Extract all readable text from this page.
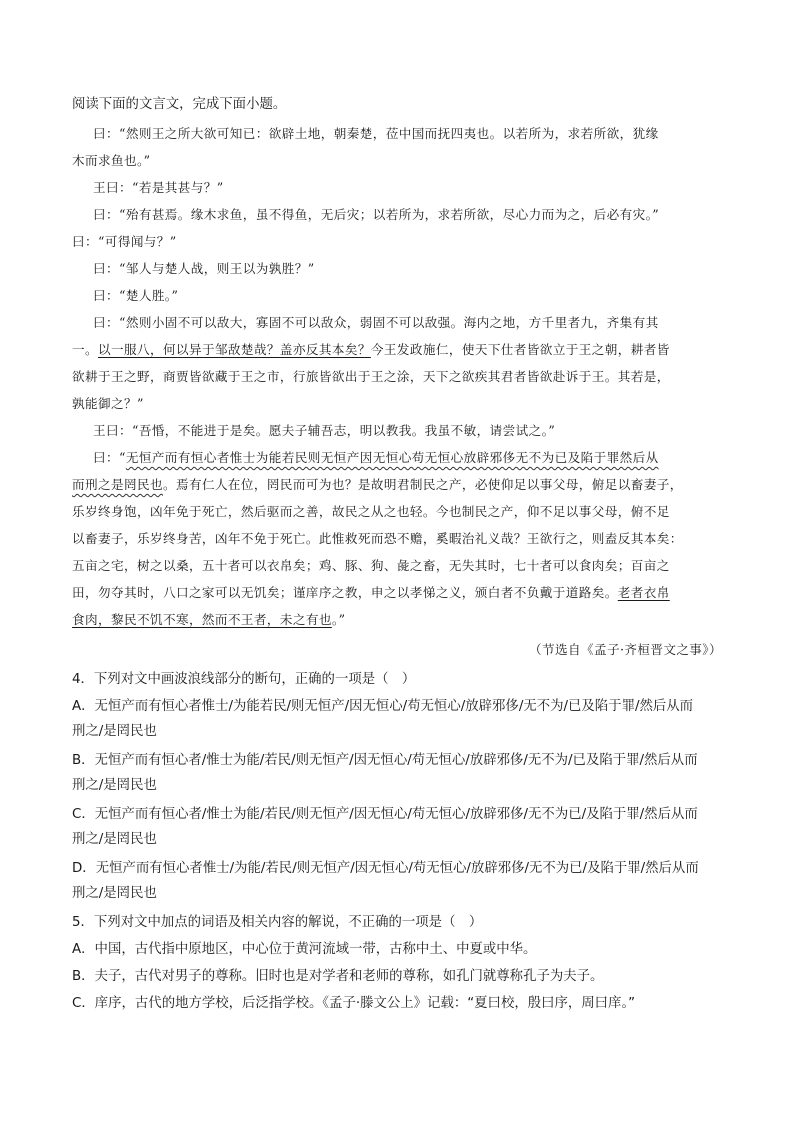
阅读下面的文言文，完成下面小题。
曰：“然则王之所大欲可知已：欲辟土地，朝秦楚，莅中国而抚四夷也。以若所为，求若所欲，犹缘
木而求鱼也。”
王曰：“若是其甚与？”
曰：“殆有甚焉。缘木求鱼，虽不得鱼，无后灾；以若所为，求若所欲，尽心力而为之，后必有灾。”
曰：“可得闻与？”
曰：“邹人与楚人战，则王以为孰胜？”
曰：“楚人胜。”
曰：“然则小固不可以敌大，寡固不可以敌众，弱固不可以敌强。海内之地，方千里者九，齐集有其
一。以一服八，何以异于邹敌楚哉？盖亦反其本矣？今王发政施仁，使天下仕者皆欲立于王之朝，耕者皆
欲耕于王之野，商贾皆欲藏于王之市，行旅皆欲出于王之涂，天下之欲疾其君者皆欲赴诉于王。其若是，
孰能御之？”
王曰：“吾惛，不能进于是矣。愿夫子辅吾志，明以教我。我虽不敏，请尝试之。”
曰：“无恒产而有恒心者惟士为能若民则无恒产因无恒心苟无恒心放辟邪侈无不为已及陷于罪然后从
而刑之是罔民也。焉有仁人在位，罔民而可为也？是故明君制民之产，必使仰足以事父母，俯足以畜妻子，
乐岁终身饱，凶年免于死亡，然后驱而之善，故民之从之也轻。今也制民之产，仰不足以事父母，俯不足
以畜妻子，乐岁终身苦，凶年不免于死亡。此惟救死而恐不赡，奚暇治礼义哉？王欲行之，则盍反其本矣：
五亩之宅，树之以桑，五十者可以衣帛矣；鸡、豚、狗、彘之畜，无失其时，七十者可以食肉矣；百亩之
田，勿夺其时，八口之家可以无饥矣；谨庠序之教，申之以孝悌之义，颁白者不负戴于道路矣。老者衣帛
食肉，黎民不饥不寒，然而不王者，未之有也。”
（节选自《孟子·齐桓晋文之事》）
4．下列对文中画波浪线部分的断句，正确的一项是（　）
A．无恒产而有恒心者惟士/为能若民/则无恒产/因无恒心/苟无恒心/放辟邪侈/无不为/已及陷于罪/然后从而
刑之/是罔民也
B．无恒产而有恒心者/惟士为能/若民/则无恒产/因无恒心/苟无恒心/放辟邪侈/无不为/已及陷于罪/然后从而
刑之/是罔民也
C．无恒产而有恒心者/惟士为能/若民/则无恒产/因无恒心/苟无恒心/放辟邪侈/无不为已/及陷于罪/然后从而
刑之/是罔民也
D．无恒产而有恒心者惟士/为能/若民/则无恒产/因无恒心/苟无恒心/放辟邪侈/无不为已/及陷于罪/然后从而
刑之/是罔民也
5．下列对文中加点的词语及相关内容的解说，不正确的一项是（　）
A．中国，古代指中原地区，中心位于黄河流域一带，古称中土、中夏或中华。
B．夫子，古代对男子的尊称。旧时也是对学者和老师的尊称，如孔门就尊称孔子为夫子。
C．庠序，古代的地方学校，后泛指学校。《孟子·滕文公上》记载：“夏曰校，殷曰序，周曰庠。”
